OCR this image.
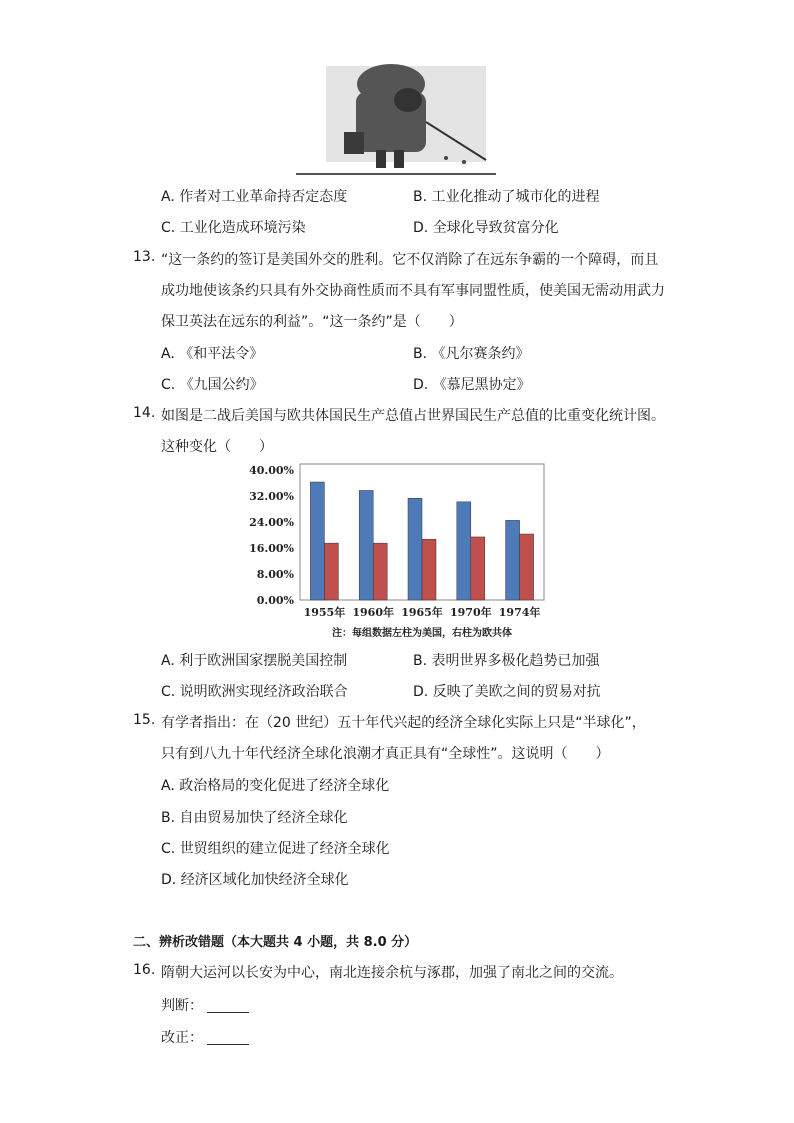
A. 作者对工业革命持否定态度	B. 工业化推动了城市化的进程
C. 工业化造成环境污染	D. 全球化导致贫富分化
13. “这一条约的签订是美国外交的胜利。它不仅消除了在远东争霸的一个障碍，而且
成功地使该条约只具有外交协商性质而不具有军事同盟性质，使美国无需动用武力
保卫英法在远东的利益”。“这一条约”是（　　）
A. 《和平法令》	B. 《凡尔赛条约》
C. 《九国公约》	D. 《慕尼黑协定》
14. 如图是二战后美国与欧共体国民生产总值占世界国民生产总值的比重变化统计图。
这种变化（　　）
40.00%
32.00%
24.00%
16.00%
8.00%
0.00%
1955年 1960年 1965年 1970年 1974年
注：每组数据左柱为美国，右柱为欧共体
A. 利于欧洲国家摆脱美国控制	B. 表明世界多极化趋势已加强
C. 说明欧洲实现经济政治联合	D. 反映了美欧之间的贸易对抗
15. 有学者指出：在（20 世纪）五十年代兴起的经济全球化实际上只是“半球化”，
只有到八九十年代经济全球化浪潮才真正具有“全球性”。这说明（　　）
A. 政治格局的变化促进了经济全球化
B. 自由贸易加快了经济全球化
C. 世贸组织的建立促进了经济全球化
D. 经济区域化加快经济全球化
二、辨析改错题（本大题共 4 小题，共 8.0 分）
16. 隋朝大运河以长安为中心，南北连接余杭与涿郡，加强了南北之间的交流。
判断：
改正：
